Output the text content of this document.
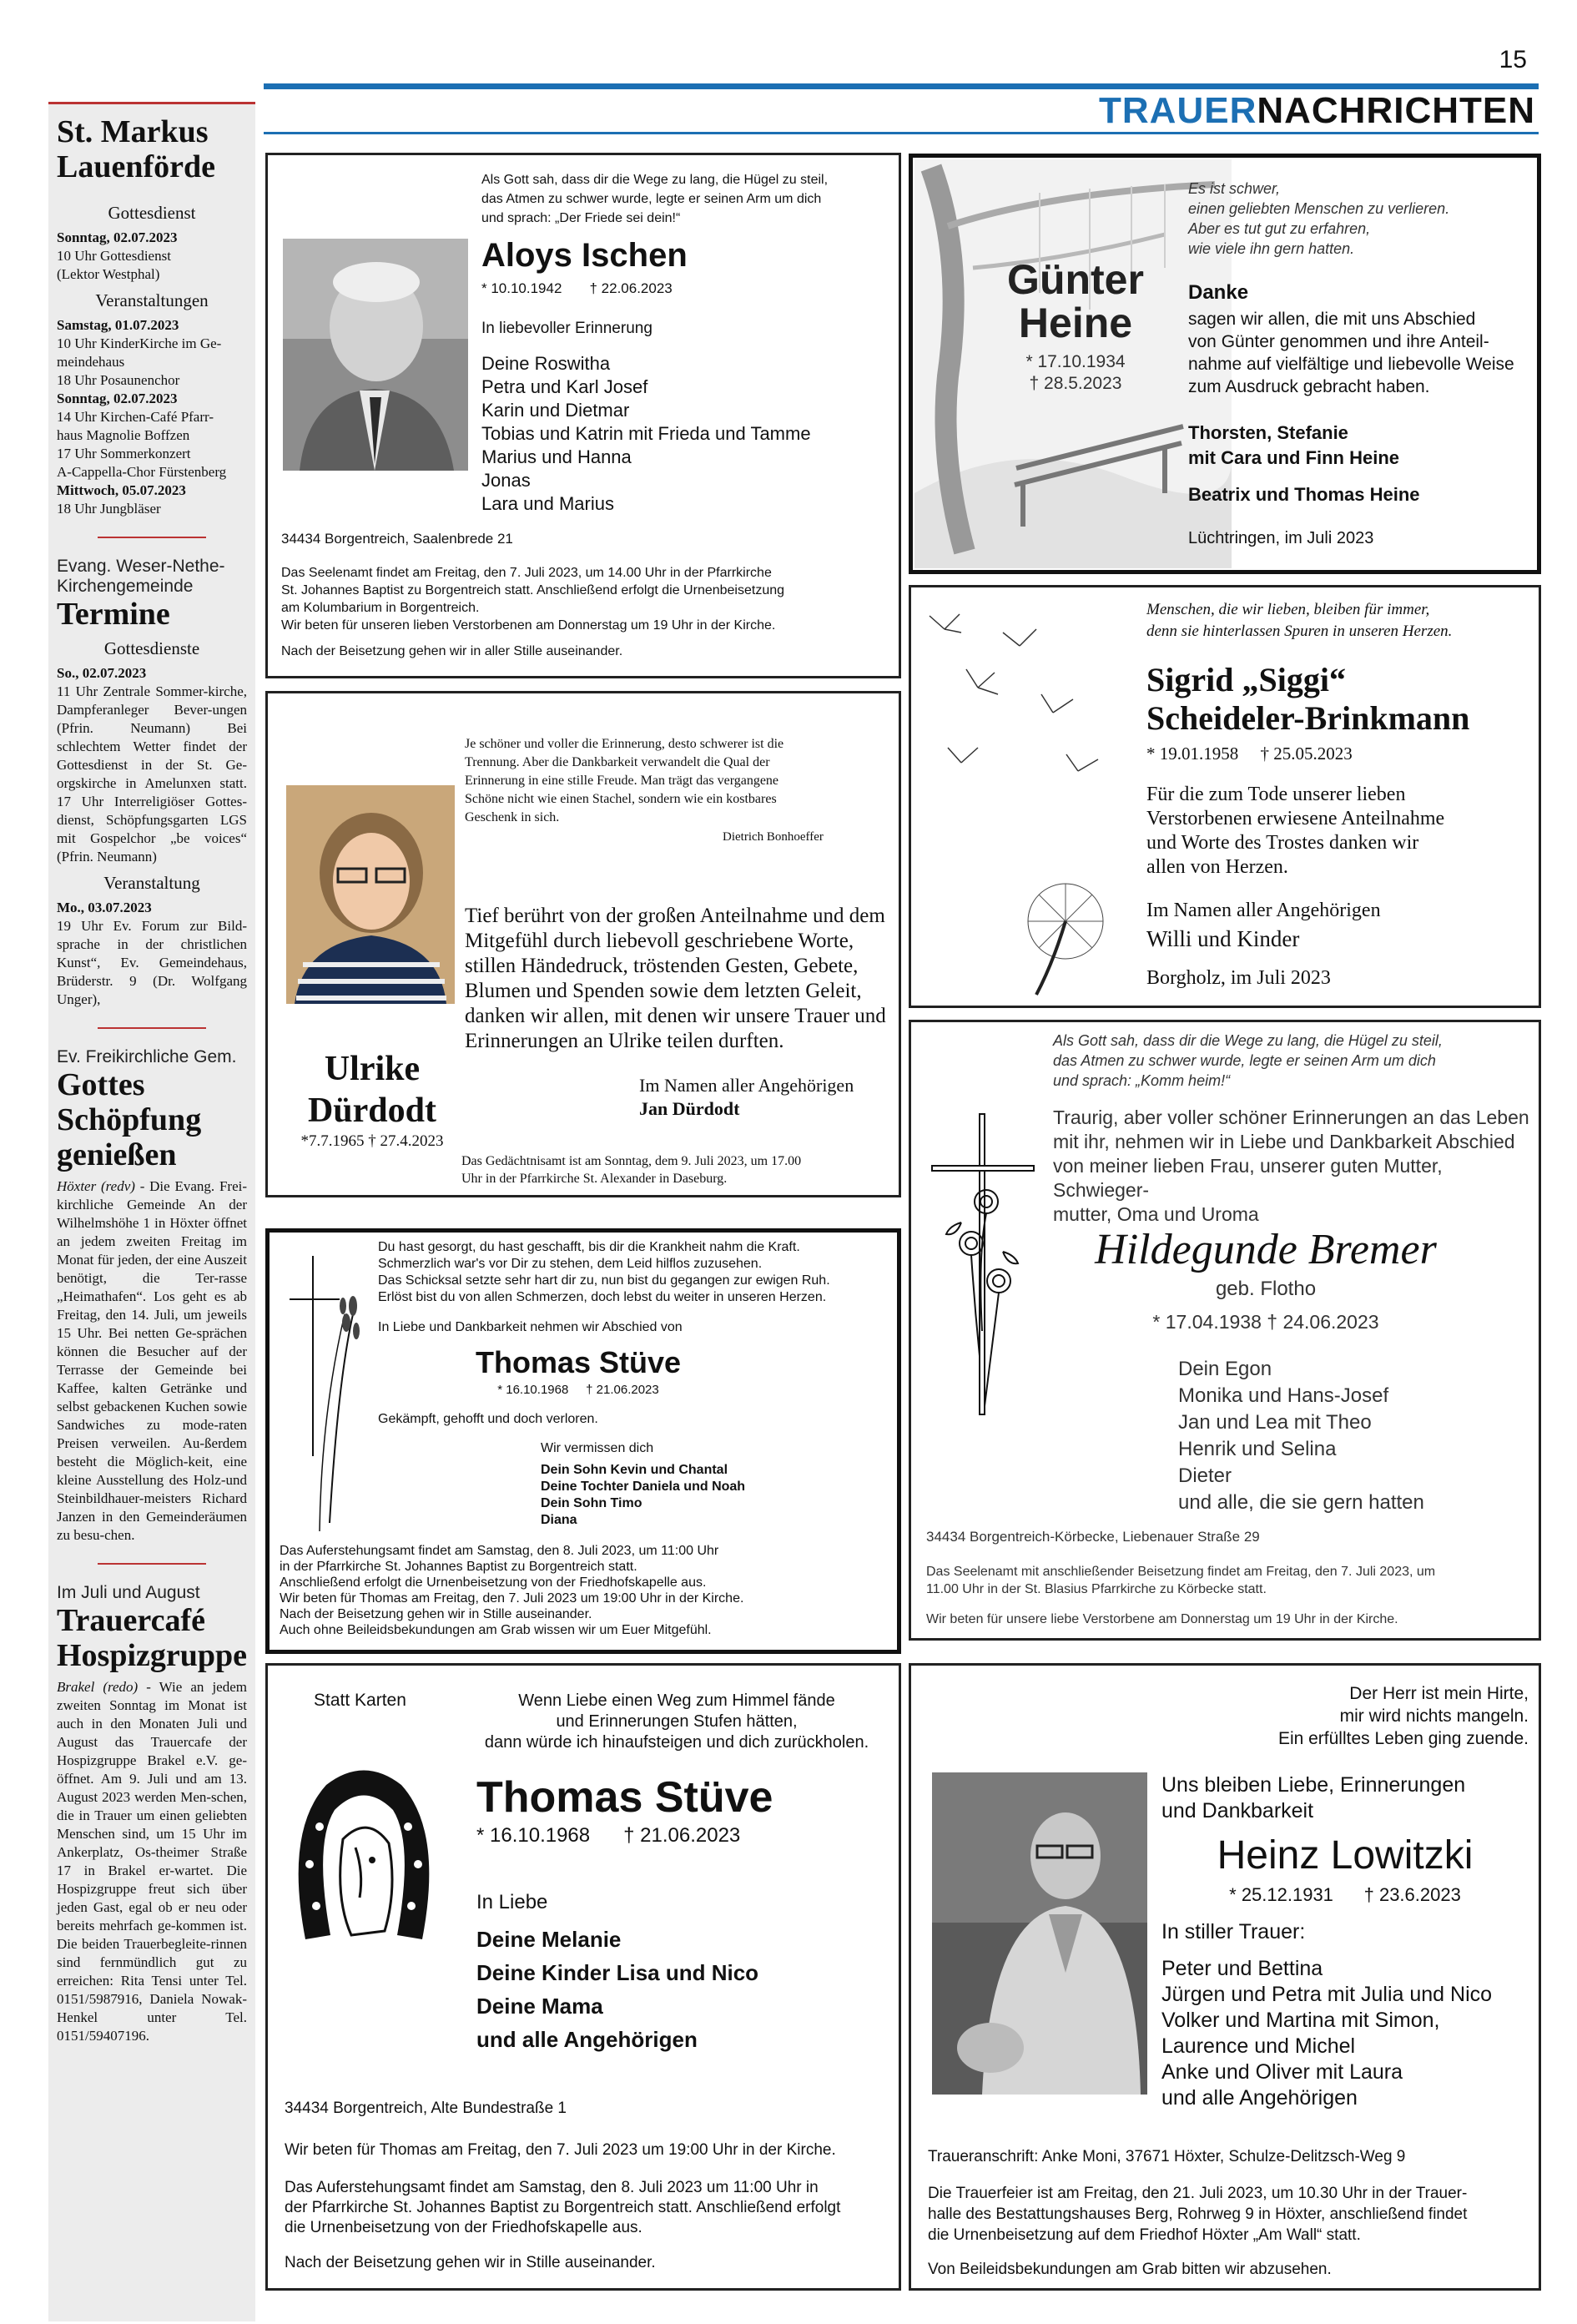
15
TRAUERNACHRICHTEN
St. Markus
Lauenförde
Gottesdienst

Sonntag, 02.07.2023

10 Uhr Gottesdienst

(Lektor Westphal)

Veranstaltungen

Samstag, 01.07.2023

10 Uhr KinderKirche im Ge-

meindehaus

18 Uhr Posaunenchor

Sonntag, 02.07.2023

14 Uhr Kirchen-Café Pfarr-

haus Magnolie Boffzen

17 Uhr Sommerkonzert

A-Cappella-Chor Fürstenberg

Mittwoch, 05.07.2023

18 Uhr Jungbläser

Evang. Weser-Nethe-Kirchengemeinde
Termine
Gottesdienste

So., 02.07.2023

11 Uhr Zentrale Sommer-kirche, Dampferanleger Bever-ungen (Pfrin. Neumann) Bei schlechtem Wetter findet der Gottesdienst in der St. Ge-orgskirche in Amelunxen statt. 17 Uhr Interreligiöser Gottes-dienst, Schöpfungsgarten LGS mit Gospelchor „be voices“ (Pfrin. Neumann)

Veranstaltung

Mo., 03.07.2023

19 Uhr Ev. Forum zur Bild-sprache in der christlichen Kunst“, Ev. Gemeindehaus, Brüderstr. 9 (Dr. Wolfgang Unger),

Ev. Freikirchliche Gem.
Gottes
Schöpfung
genießen
Höxter (redv) - Die Evang. Frei-kirchliche Gemeinde An der Wilhelmshöhe 1 in Höxter öffnet an jedem zweiten Freitag im Monat für jeden, der eine Auszeit benötigt, die Ter-rasse „Heimathafen“. Los geht es ab Freitag, den 14. Juli, um jeweils 15 Uhr. Bei netten Ge-sprächen können die Besucher auf der Terrasse der Gemeinde bei Kaffee, kalten Getränke und selbst gebackenen Kuchen sowie Sandwiches zu mode-raten Preisen verweilen. Au-ßerdem besteht die Möglich-keit, eine kleine Ausstellung des Holz-und Steinbildhauer-meisters Richard Janzen in den Gemeinderäumen zu besu-chen.
Im Juli und August
Trauercafé
Hospizgruppe
Brakel (redo) - Wie an jedem zweiten Sonntag im Monat ist auch in den Monaten Juli und August das Trauercafe der Hospizgruppe Brakel e.V. ge-öffnet. Am 9. Juli und am 13. August 2023 werden Men-schen, die in Trauer um einen geliebten Menschen sind, um 15 Uhr im Ankerplatz, Os-theimer Straße 17 in Brakel er-wartet. Die Hospizgruppe freut sich über jeden Gast, egal ob er neu oder bereits mehrfach ge-kommen ist. Die beiden Trauerbegleite-rinnen sind fernmündlich gut zu erreichen: Rita Tensi unter Tel. 0151/5987916, Daniela Nowak-Henkel unter Tel. 0151/59407196.
Als Gott sah, dass dir die Wege zu lang, die Hügel zu steil,
das Atmen zu schwer wurde, legte er seinen Arm um dich
und sprach: „Der Friede sei dein!“
Aloys Ischen
* 10.10.1942 † 22.06.2023
In liebevoller Erinnerung
Deine Roswitha
Petra und Karl Josef
Karin und Dietmar
Tobias und Katrin mit Frieda und Tamme
Marius und Hanna
Jonas
Lara und Marius
34434 Borgentreich, Saalenbrede 21
Das Seelenamt findet am Freitag, den 7. Juli 2023, um 14.00 Uhr in der Pfarrkirche
St. Johannes Baptist zu Borgentreich statt. Anschließend erfolgt die Urnenbeisetzung
am Kolumbarium in Borgentreich.
Wir beten für unseren lieben Verstorbenen am Donnerstag um 19 Uhr in der Kirche.
Nach der Beisetzung gehen wir in aller Stille auseinander.
Günter
Heine
* 17.10.1934
† 28.5.2023
Es ist schwer,
einen geliebten Menschen zu verlieren.
Aber es tut gut zu erfahren,
wie viele ihn gern hatten.
Danke
sagen wir allen, die mit uns Abschied
von Günter genommen und ihre Anteil-
nahme auf vielfältige und liebevolle Weise
zum Ausdruck gebracht haben.
Thorsten, Stefanie
mit Cara und Finn Heine
Beatrix und Thomas Heine
Lüchtringen, im Juli 2023
Je schöner und voller die Erinnerung, desto schwerer ist die
Trennung. Aber die Dankbarkeit verwandelt die Qual der
Erinnerung in eine stille Freude. Man trägt das vergangene
Schöne nicht wie einen Stachel, sondern wie ein kostbares
Geschenk in sich.
Dietrich Bonhoeffer
Tief berührt von der großen Anteilnahme und dem
Mitgefühl durch liebevoll geschriebene Worte,
stillen Händedruck, tröstenden Gesten, Gebete,
Blumen und Spenden sowie dem letzten Geleit,
danken wir allen, mit denen wir unsere Trauer und
Erinnerungen an Ulrike teilen durften.
Ulrike
Dürdodt
*7.7.1965 † 27.4.2023
Im Namen aller Angehörigen
Jan Dürdodt
Das Gedächtnisamt ist am Sonntag, dem 9. Juli 2023, um 17.00
Uhr in der Pfarrkirche St. Alexander in Daseburg.
Menschen, die wir lieben, bleiben für immer,
denn sie hinterlassen Spuren in unseren Herzen.
Sigrid „Siggi“
Scheideler-Brinkmann
* 19.01.1958 † 25.05.2023
Für die zum Tode unserer lieben
Verstorbenen erwiesene Anteilnahme
und Worte des Trostes danken wir
allen von Herzen.
Im Namen aller Angehörigen
Willi und Kinder
Borgholz, im Juli 2023
Als Gott sah, dass dir die Wege zu lang, die Hügel zu steil,
das Atmen zu schwer wurde, legte er seinen Arm um dich
und sprach: „Komm heim!“
Traurig, aber voller schöner Erinnerungen an das Leben
mit ihr, nehmen wir in Liebe und Dankbarkeit Abschied
von meiner lieben Frau, unserer guten Mutter, Schwieger-
mutter, Oma und Uroma
Hildegunde Bremer
geb. Flotho
* 17.04.1938 † 24.06.2023
Dein Egon
Monika und Hans-Josef
Jan und Lea mit Theo
Henrik und Selina
Dieter
und alle, die sie gern hatten
34434 Borgentreich-Körbecke, Liebenauer Straße 29
Das Seelenamt mit anschließender Beisetzung findet am Freitag, den 7. Juli 2023, um
11.00 Uhr in der St. Blasius Pfarrkirche zu Körbecke statt.
Wir beten für unsere liebe Verstorbene am Donnerstag um 19 Uhr in der Kirche.
Du hast gesorgt, du hast geschafft, bis dir die Krankheit nahm die Kraft.
Schmerzlich war's vor Dir zu stehen, dem Leid hilflos zuzusehen.
Das Schicksal setzte sehr hart dir zu, nun bist du gegangen zur ewigen Ruh.
Erlöst bist du von allen Schmerzen, doch lebst du weiter in unseren Herzen.
In Liebe und Dankbarkeit nehmen wir Abschied von
Thomas Stüve
* 16.10.1968 † 21.06.2023
Gekämpft, gehofft und doch verloren.
Wir vermissen dich
Dein Sohn Kevin und Chantal
Deine Tochter Daniela und Noah
Dein Sohn Timo
Diana
Das Auferstehungsamt findet am Samstag, den 8. Juli 2023, um 11:00 Uhr
in der Pfarrkirche St. Johannes Baptist zu Borgentreich statt.
Anschließend erfolgt die Urnenbeisetzung von der Friedhofskapelle aus.
Wir beten für Thomas am Freitag, den 7. Juli 2023 um 19:00 Uhr in der Kirche.
Nach der Beisetzung gehen wir in Stille auseinander.
Auch ohne Beileidsbekundungen am Grab wissen wir um Euer Mitgefühl.
Statt Karten	Wenn Liebe einen Weg zum Himmel fände
und Erinnerungen Stufen hätten,
dann würde ich hinaufsteigen und dich zurückholen.
Thomas Stüve
* 16.10.1968 † 21.06.2023
In Liebe
Deine Melanie
Deine Kinder Lisa und Nico
Deine Mama
und alle Angehörigen
34434 Borgentreich, Alte Bundestraße 1
Wir beten für Thomas am Freitag, den 7. Juli 2023 um 19:00 Uhr in der Kirche.
Das Auferstehungsamt findet am Samstag, den 8. Juli 2023 um 11:00 Uhr in
der Pfarrkirche St. Johannes Baptist zu Borgentreich statt. Anschließend erfolgt
die Urnenbeisetzung von der Friedhofskapelle aus.
Nach der Beisetzung gehen wir in Stille auseinander.
Der Herr ist mein Hirte,
mir wird nichts mangeln.
Ein erfülltes Leben ging zuende.
Uns bleiben Liebe, Erinnerungen
und Dankbarkeit
Heinz Lowitzki
* 25.12.1931 † 23.6.2023
In stiller Trauer:
Peter und Bettina
Jürgen und Petra mit Julia und Nico
Volker und Martina mit Simon,
Laurence und Michel
Anke und Oliver mit Laura
und alle Angehörigen
Traueranschrift: Anke Moni, 37671 Höxter, Schulze-Delitzsch-Weg 9
Die Trauerfeier ist am Freitag, den 21. Juli 2023, um 10.30 Uhr in der Trauer-
halle des Bestattungshauses Berg, Rohrweg 9 in Höxter, anschließend findet
die Urnenbeisetzung auf dem Friedhof Höxter „Am Wall“ statt.
Von Beileidsbekundungen am Grab bitten wir abzusehen.
